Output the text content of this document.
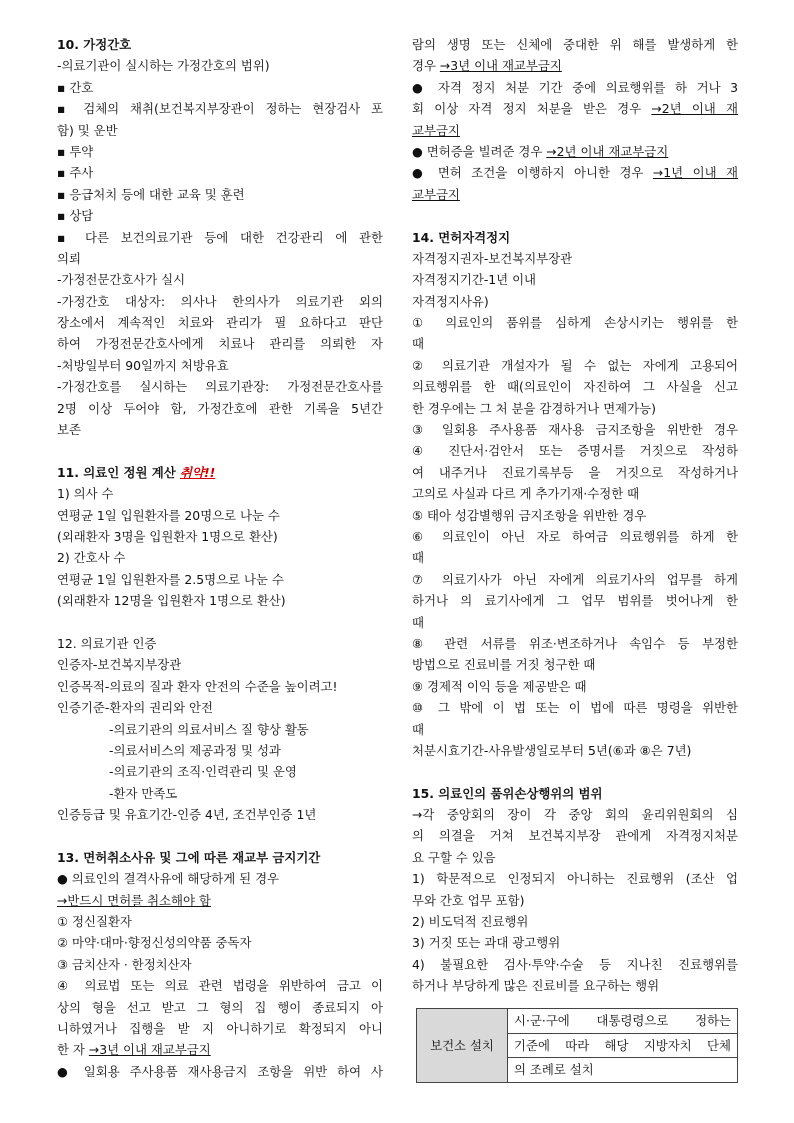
10. 가정간호
-의료기관이 실시하는 가정간호의 범위)
▪ 간호
▪ 검체의 채취(보건복지부장관이 정하는 현장검사 포
함) 및 운반
▪ 투약
▪ 주사
▪ 응급처치 등에 대한 교육 및 훈련
▪ 상담
▪ 다른 보건의료기관 등에 대한 건강관리 에 관한
의뢰
-가정전문간호사가 실시
-가정간호 대상자: 의사나 한의사가 의료기관 외의
장소에서 계속적인 치료와 관리가 필 요하다고 판단
하여 가정전문간호사에게 치료나 관리를 의뢰한 자
-처방일부터 90일까지 처방유효
-가정간호를 실시하는 의료기관장: 가정전문간호사를
2명 이상 두어야 함, 가정간호에 관한 기록을 5년간
보존
11. 의료인 정원 계산 취약!!
1) 의사 수
연평균 1일 입원환자를 20명으로 나눈 수
(외래환자 3명을 입원환자 1명으로 환산)
2) 간호사 수
연평균 1일 입원환자를 2.5명으로 나눈 수
(외래환자 12명을 입원환자 1명으로 환산)
12. 의료기관 인증
인증자-보건복지부장관
인증목적-의료의 질과 환자 안전의 수준을 높이려고!
인증기준-환자의 권리와 안전
-의료기관의 의료서비스 질 향상 활동
-의료서비스의 제공과정 및 성과
-의료기관의 조직·인력관리 및 운영
-환자 만족도
인증등급 및 유효기간-인증 4년, 조건부인증 1년
13. 면허취소사유 및 그에 따른 재교부 금지기간
● 의료인의 결격사유에 해당하게 된 경우
→반드시 면허를 취소해야 함
① 정신질환자
② 마약·대마·향정신성의약품 중독자
③ 금치산자 · 한정치산자
④ 의료법 또는 의료 관련 법령을 위반하여 금고 이
상의 형을 선고 받고 그 형의 집 행이 종료되지 아
니하였거나 집행을 받 지 아니하기로 확정되지 아니
한 자 →3년 이내 재교부금지
● 일회용 주사용품 재사용금지 조항을 위반 하여 사
람의 생명 또는 신체에 중대한 위 해를 발생하게 한
경우 →3년 이내 재교부금지
● 자격 정지 처분 기간 중에 의료행위를 하 거나 3
회 이상 자격 정지 처분을 받은 경우 →2년 이내 재
교부금지
● 면허증을 빌려준 경우 →2년 이내 재교부금지
● 면허 조건을 이행하지 아니한 경우 →1년 이내 재
교부금지
14. 면허자격정지
자격정지권자-보건복지부장관
자격정지기간-1년 이내
자격정지사유)
① 의료인의 품위를 심하게 손상시키는 행위를 한
때
② 의료기관 개설자가 될 수 없는 자에게 고용되어
의료행위를 한 때(의료인이 자진하여 그 사실을 신고
한 경우에는 그 처 분을 감경하거나 면제가능)
③ 일회용 주사용품 재사용 금지조항을 위반한 경우
④ 진단서·검안서 또는 증명서를 거짓으로 작성하
여 내주거나 진료기록부등 을 거짓으로 작성하거나
고의로 사실과 다르 게 추가기재·수정한 때
⑤ 태아 성감별행위 금지조항을 위반한 경우
⑥ 의료인이 아닌 자로 하여금 의료행위를 하게 한
때
⑦ 의료기사가 아닌 자에게 의료기사의 업무를 하게
하거나 의 료기사에게 그 업무 범위를 벗어나게 한
때
⑧ 관련 서류를 위조·변조하거나 속임수 등 부정한
방법으로 진료비를 거짓 청구한 때
⑨ 경제적 이익 등을 제공받은 때
⑩ 그 밖에 이 법 또는 이 법에 따른 명령을 위반한
때
처분시효기간-사유발생일로부터 5년(⑥과 ⑧은 7년)
15. 의료인의 품위손상행위의 범위
→각 중앙회의 장이 각 중앙 회의 윤리위원회의 심
의 의결을 거쳐 보건복지부장 관에게 자격정지처분
요 구할 수 있음
1) 학문적으로 인정되지 아니하는 진료행위 (조산 업
무와 간호 업무 포함)
2) 비도덕적 진료행위
3) 거짓 또는 과대 광고행위
4) 불필요한 검사·투약·수술 등 지나친 진료행위를
하거나 부당하게 많은 진료비를 요구하는 행위
보건소 설치	시·군·구에 대통령령으로 정하는
기준에 따라 해당 지방자치 단체
의 조례로 설치
